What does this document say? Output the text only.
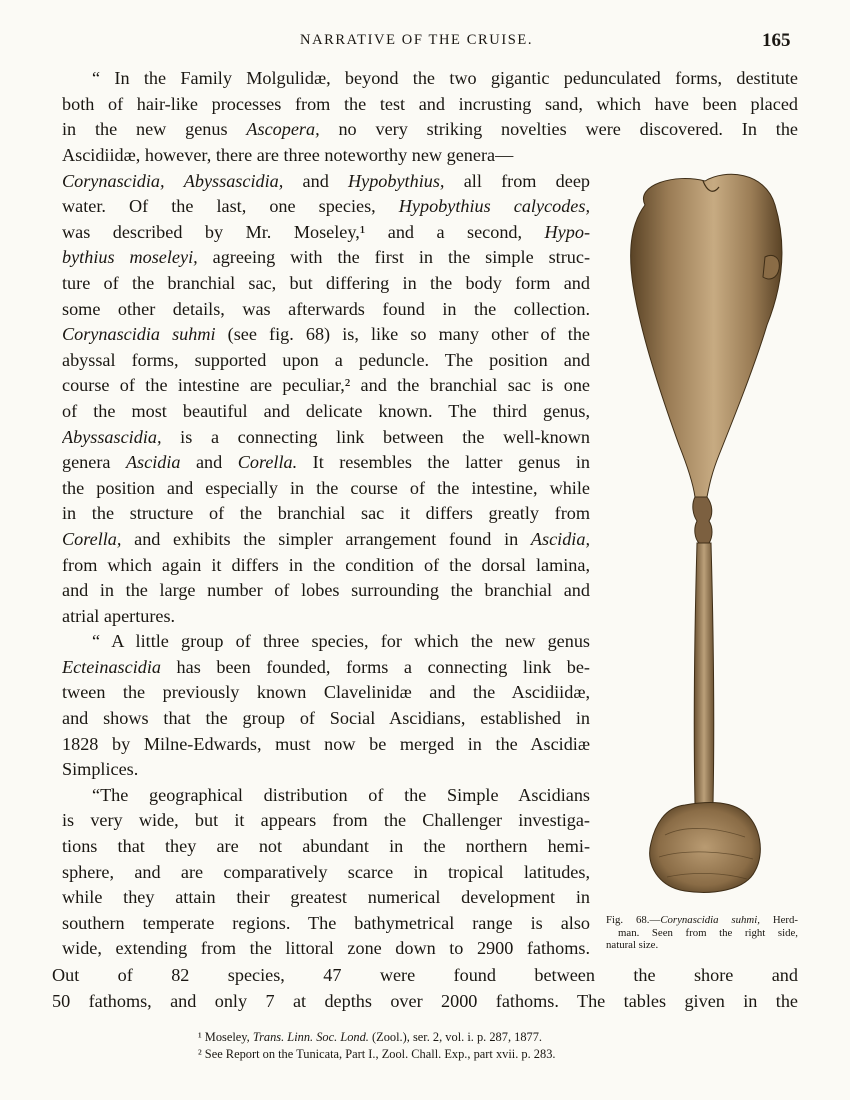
NARRATIVE OF THE CRUISE.	165
“ In the Family Molgulidæ, beyond the two gigantic pedunculated forms, destitute
both of hair-like processes from the test and incrusting sand, which have been placed
in the new genus Ascopera, no very striking novelties were discovered. In the
Ascidiidæ, however, there are three noteworthy new genera—
Corynascidia, Abyssascidia, and Hypobythius, all from deep
water. Of the last, one species, Hypobythius calycodes,
was described by Mr. Moseley,¹ and a second, Hypo-
bythius moseleyi, agreeing with the first in the simple struc-
ture of the branchial sac, but differing in the body form and
some other details, was afterwards found in the collection.
Corynascidia suhmi (see fig. 68) is, like so many other of the
abyssal forms, supported upon a peduncle. The position and
course of the intestine are peculiar,² and the branchial sac is one
of the most beautiful and delicate known. The third genus,
Abyssascidia, is a connecting link between the well-known
genera Ascidia and Corella. It resembles the latter genus in
the position and especially in the course of the intestine, while
in the structure of the branchial sac it differs greatly from
Corella, and exhibits the simpler arrangement found in Ascidia,
from which again it differs in the condition of the dorsal lamina,
and in the large number of lobes surrounding the branchial and
atrial apertures.
“ A little group of three species, for which the new genus
Ecteinascidia has been founded, forms a connecting link be-
tween the previously known Clavelinidæ and the Ascidiidæ,
and shows that the group of Social Ascidians, established in
1828 by Milne-Edwards, must now be merged in the Ascidiæ
Simplices.
“The geographical distribution of the Simple Ascidians
is very wide, but it appears from the Challenger investiga-
tions that they are not abundant in the northern hemi-
sphere, and are comparatively scarce in tropical latitudes,
while they attain their greatest numerical development in
southern temperate regions. The bathymetrical range is also
wide, extending from the littoral zone down to 2900 fathoms.
Out of 82 species, 47 were found between the shore and
50 fathoms, and only 7 at depths over 2000 fathoms. The tables given in the
Fig. 68.—Corynascidia suhmi, Herd-
man. Seen from the right side,
natural size.
¹ Moseley, Trans. Linn. Soc. Lond. (Zool.), ser. 2, vol. i. p. 287, 1877.
² See Report on the Tunicata, Part I., Zool. Chall. Exp., part xvii. p. 283.
